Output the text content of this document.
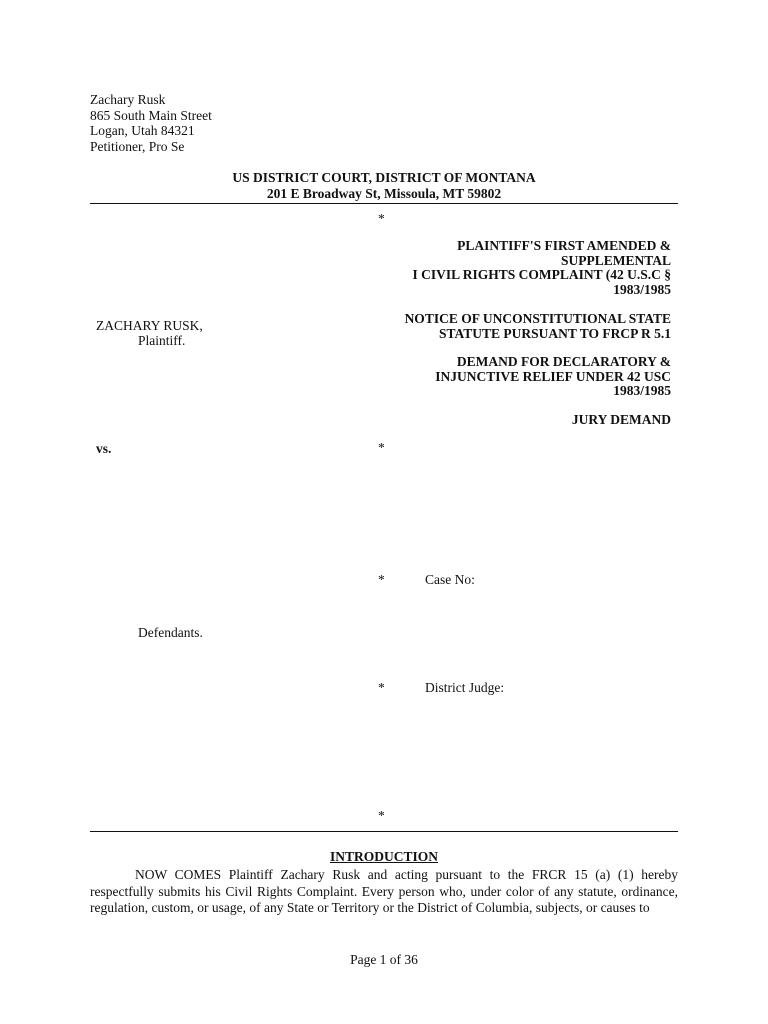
Zachary Rusk
865 South Main Street
Logan, Utah 84321
Petitioner, Pro Se
US DISTRICT COURT, DISTRICT OF MONTANA
201 E Broadway St, Missoula, MT 59802
*
*
*
*
*
PLAINTIFF'S FIRST AMENDED &
SUPPLEMENTAL
I CIVIL RIGHTS COMPLAINT (42 U.S.C §
1983/1985
NOTICE OF UNCONSTITUTIONAL STATE
STATUTE PURSUANT TO FRCP R 5.1
DEMAND FOR DECLARATORY &
INJUNCTIVE RELIEF UNDER 42 USC
1983/1985
JURY DEMAND
ZACHARY RUSK,
Plaintiff.
vs.
Defendants.
Case No:
District Judge:
INTRODUCTION
NOW COMES Plaintiff Zachary Rusk and acting pursuant to the FRCR 15 (a) (1) hereby respectfully submits his Civil Rights Complaint. Every person who, under color of any statute, ordinance, regulation, custom, or usage, of any State or Territory or the District of Columbia, subjects, or causes to
Page 1 of 36
